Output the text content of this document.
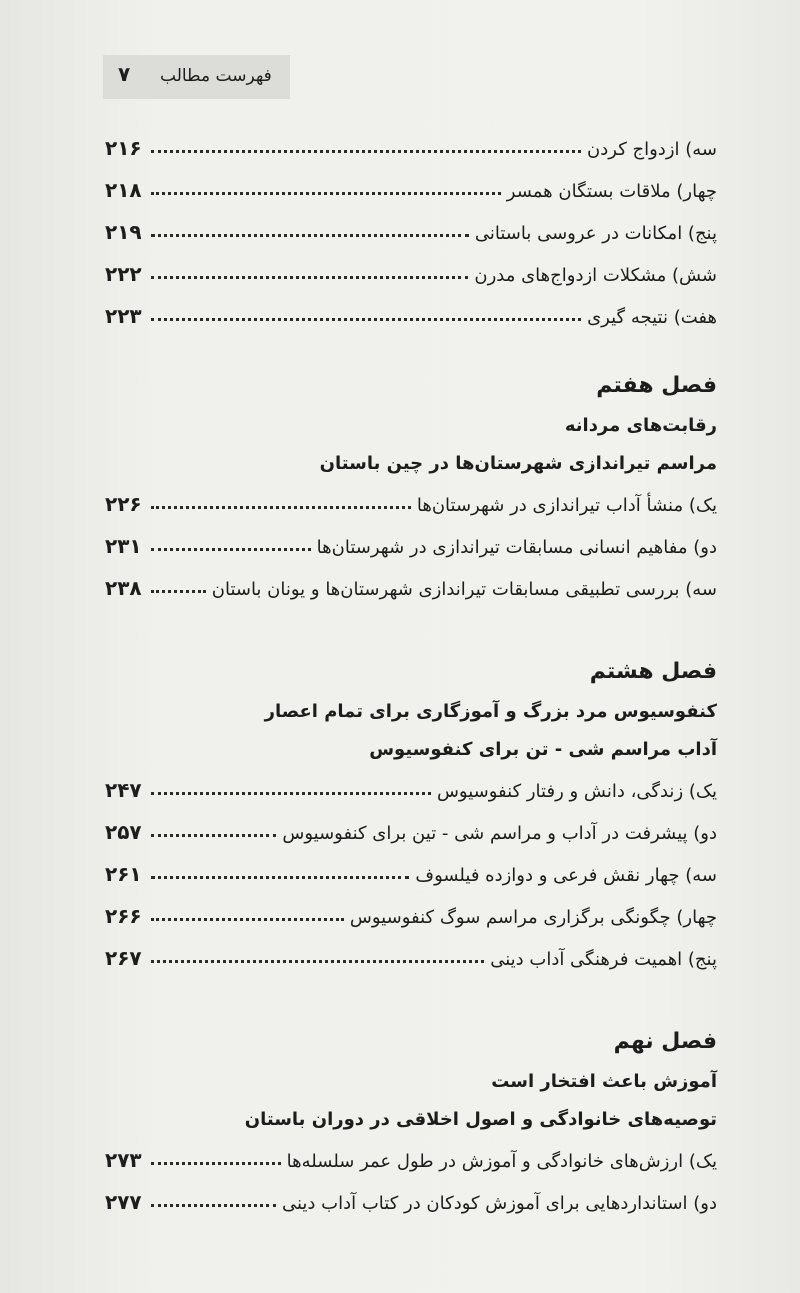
فهرست مطالب
۷
سه) ازدواج کردن
۲۱۶
چهار) ملاقات بستگان همسر
۲۱۸
پنج) امکانات در عروسی باستانی
۲۱۹
شش) مشکلات ازدواج‌های مدرن
۲۲۲
هفت) نتیجه گیری
۲۲۳
فصل هفتم
رقابت‌های مردانه
مراسم تیراندازی شهرستان‌ها در چین باستان
یک) منشأ آداب تیراندازی در شهرستان‌ها
۲۲۶
دو) مفاهیم انسانی مسابقات تیراندازی در شهرستان‌ها
۲۳۱
سه) بررسی تطبیقی مسابقات تیراندازی شهرستان‌ها و یونان باستان
۲۳۸
فصل هشتم
کنفوسیوس مرد بزرگ و آموزگاری برای تمام اعصار
آداب مراسم شی - تن برای کنفوسیوس
یک) زندگی، دانش و رفتار کنفوسیوس
۲۴۷
دو) پیشرفت در آداب و مراسم شی - تین برای کنفوسیوس
۲۵۷
سه) چهار نقش فرعی و دوازده فیلسوف
۲۶۱
چهار) چگونگی برگزاری مراسم سوگ کنفوسیوس
۲۶۶
پنج) اهمیت فرهنگی آداب دینی
۲۶۷
فصل نهم
آموزش باعث افتخار است
توصیه‌های خانوادگی و اصول اخلاقی در دوران باستان
یک) ارزش‌های خانوادگی و آموزش در طول عمر سلسله‌ها
۲۷۳
دو) استانداردهایی برای آموزش کودکان در کتاب آداب دینی
۲۷۷
